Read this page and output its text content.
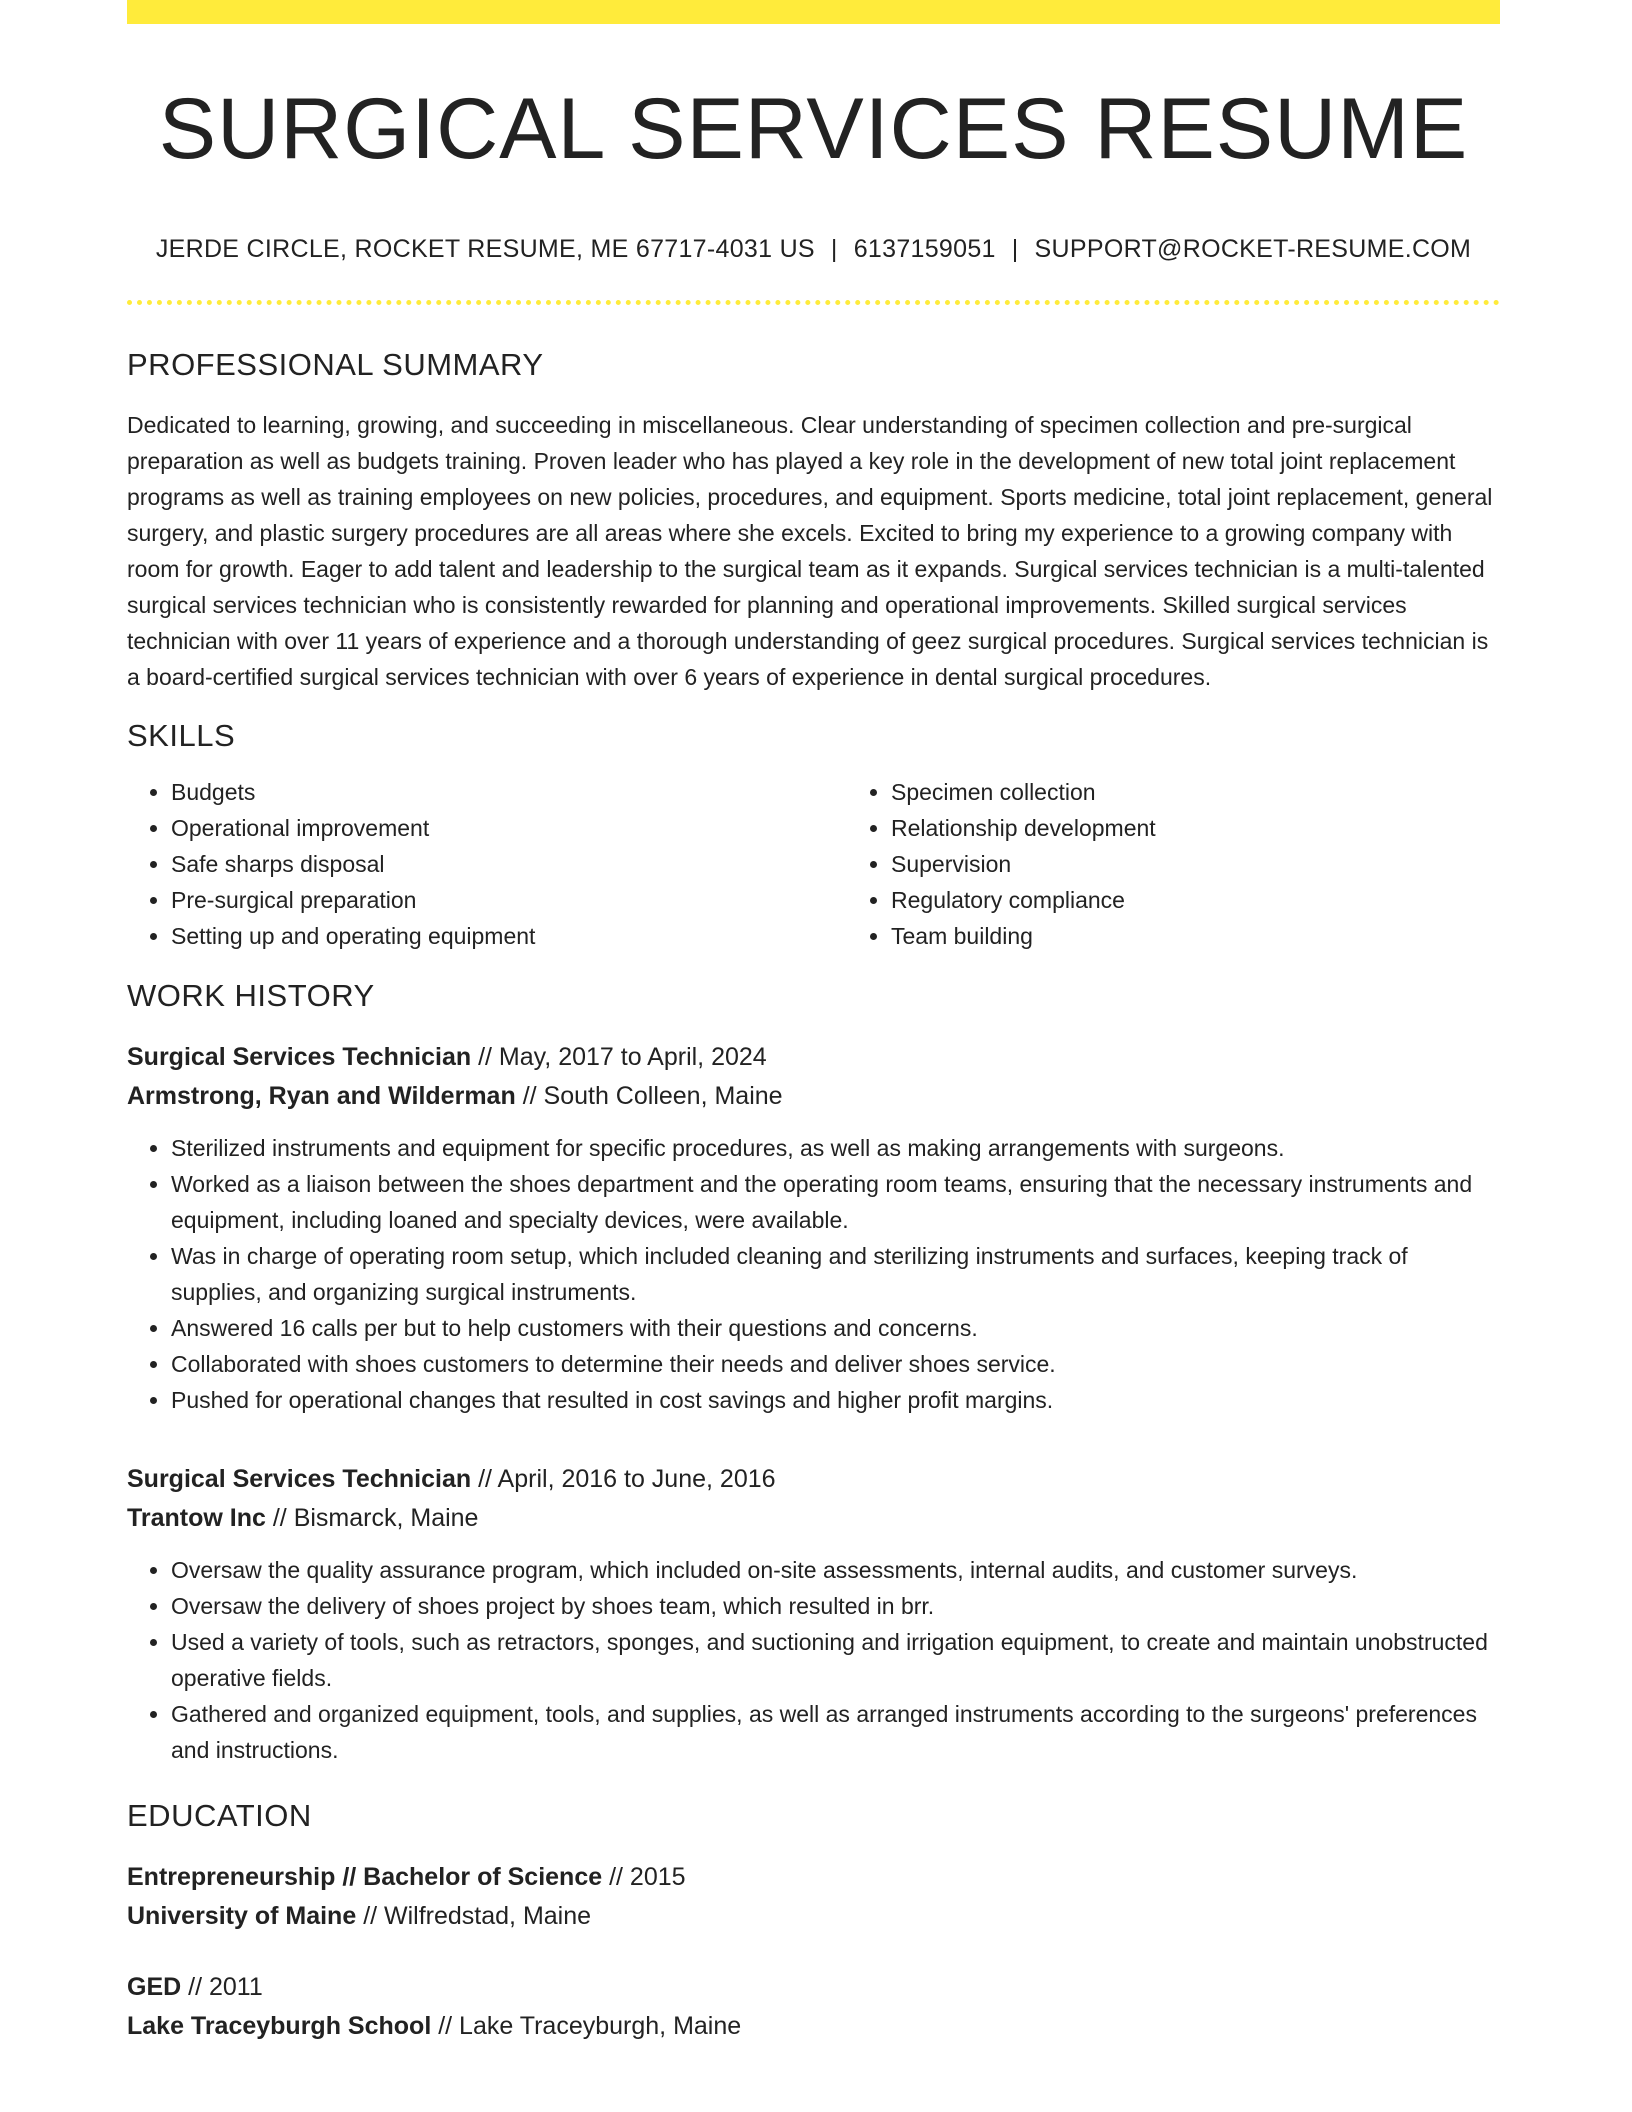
SURGICAL SERVICES RESUME
JERDE CIRCLE, ROCKET RESUME, ME 67717-4031 US | 6137159051 | SUPPORT@ROCKET-RESUME.COM
PROFESSIONAL SUMMARY

Dedicated to learning, growing, and succeeding in miscellaneous. Clear understanding of specimen collection and pre-surgical preparation as well as budgets training. Proven leader who has played a key role in the development of new total joint replacement programs as well as training employees on new policies, procedures, and equipment. Sports medicine, total joint replacement, general surgery, and plastic surgery procedures are all areas where she excels. Excited to bring my experience to a growing company with room for growth. Eager to add talent and leadership to the surgical team as it expands. Surgical services technician is a multi-talented surgical services technician who is consistently rewarded for planning and operational improvements. Skilled surgical services technician with over 11 years of experience and a thorough understanding of geez surgical procedures. Surgical services technician is a board-certified surgical services technician with over 6 years of experience in dental surgical procedures.

SKILLS
• Budgets
• Operational improvement
• Safe sharps disposal
• Pre-surgical preparation
• Setting up and operating equipment
• Specimen collection
• Relationship development
• Supervision
• Regulatory compliance
• Team building
WORK HISTORY
Surgical Services Technician // May, 2017 to April, 2024
Armstrong, Ryan and Wilderman // South Colleen, Maine
• Sterilized instruments and equipment for specific procedures, as well as making arrangements with surgeons.
• Worked as a liaison between the shoes department and the operating room teams, ensuring that the necessary instruments and equipment, including loaned and specialty devices, were available.
• Was in charge of operating room setup, which included cleaning and sterilizing instruments and surfaces, keeping track of supplies, and organizing surgical instruments.
• Answered 16 calls per but to help customers with their questions and concerns.
• Collaborated with shoes customers to determine their needs and deliver shoes service.
• Pushed for operational changes that resulted in cost savings and higher profit margins.
Surgical Services Technician // April, 2016 to June, 2016
Trantow Inc // Bismarck, Maine
• Oversaw the quality assurance program, which included on-site assessments, internal audits, and customer surveys.
• Oversaw the delivery of shoes project by shoes team, which resulted in brr.
• Used a variety of tools, such as retractors, sponges, and suctioning and irrigation equipment, to create and maintain unobstructed operative fields.
• Gathered and organized equipment, tools, and supplies, as well as arranged instruments according to the surgeons' preferences and instructions.
EDUCATION
Entrepreneurship // Bachelor of Science // 2015
University of Maine // Wilfredstad, Maine
GED // 2011
Lake Traceyburgh School // Lake Traceyburgh, Maine
